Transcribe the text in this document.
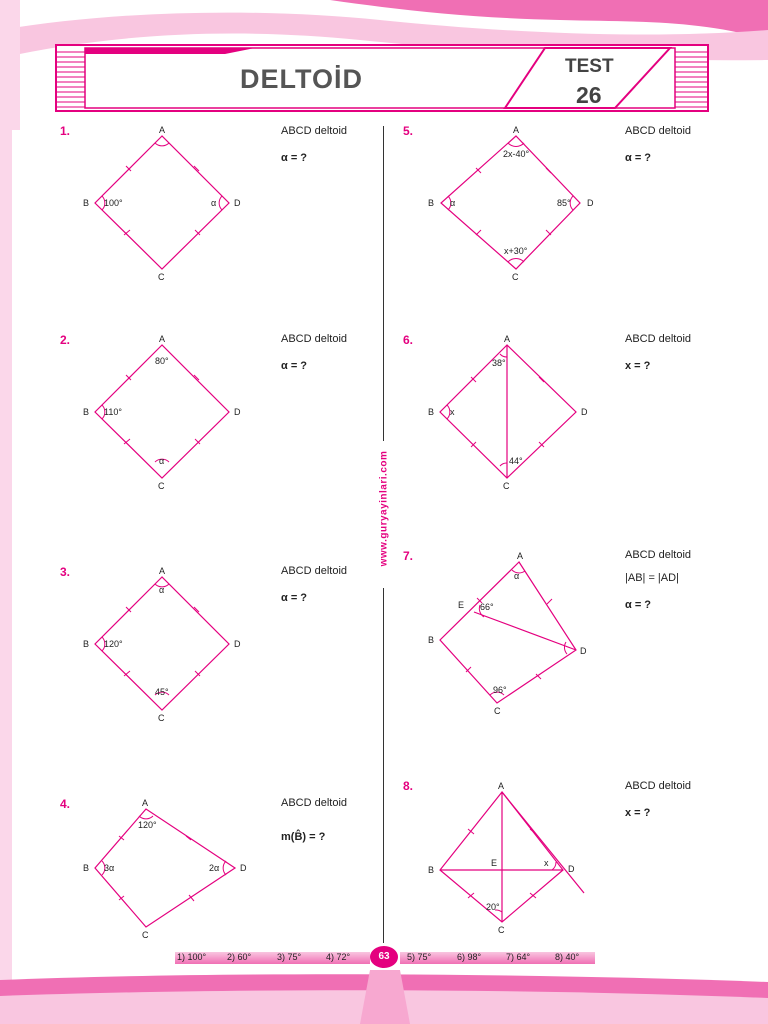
DELTOİD	TEST
26
www.guryayinlari.com
1.	ABCD deltoid
α = ?
2.	ABCD deltoid
α = ?
3.	ABCD deltoid
α = ?
4.	ABCD deltoid
m(B̂) = ?
5.	ABCD deltoid
α = ?
6.	ABCD deltoid
x = ?
7.	ABCD deltoid
|AB| = |AD|
α = ?
8.	ABCD deltoid
x = ?
A
B
C
D
100°	α
A
B
C
D
80°
110°
α
A
B
C
D
α
120°
45°
A
B
C
D
120°
3α	2α
A
B
C
D
2x-40°
α	85°
x+30°
A
B
C
D
38°
x
44°
A
B
C
D
E
α
66°
96°
A
B
C
D
E	x
20°
1) 100° 2) 60°	3) 75°	4) 72°	5) 75°	6) 98°	7) 64°	8) 40°
63
